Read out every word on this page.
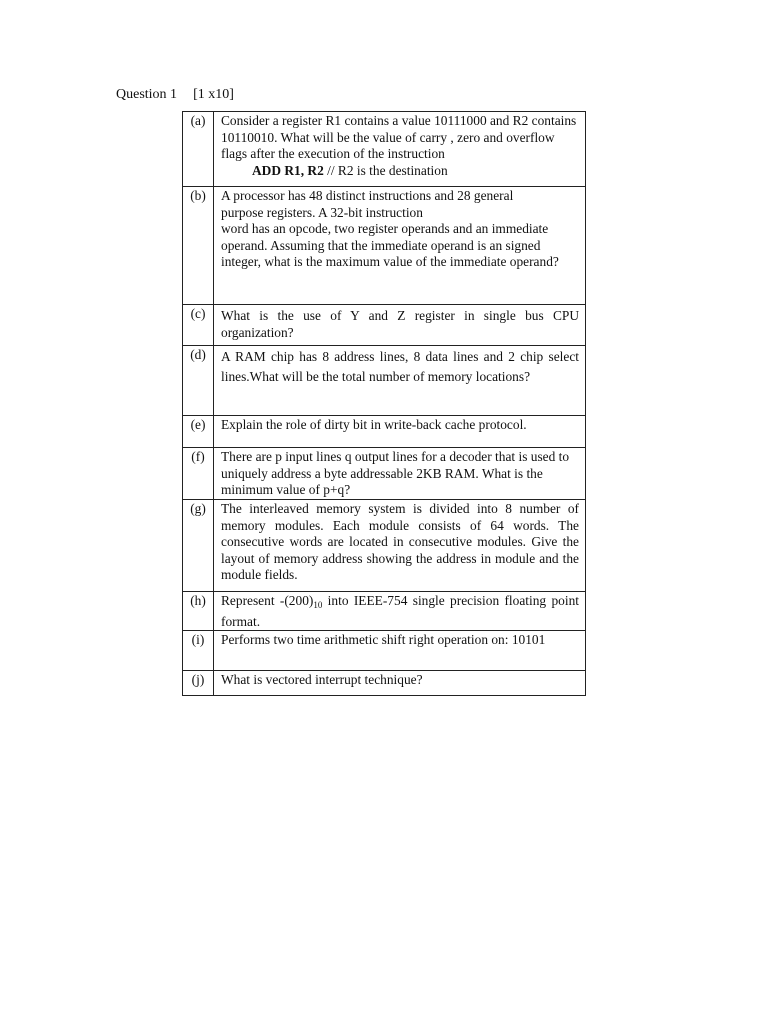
Question 1 [1 x10]
(a)	Consider a register R1 contains a value 10111000 and R2 contains 10110010. What will be the value of carry , zero and overflow flags after the execution of the instruction
ADD R1, R2 // R2 is the destination

(b)	A processor has 48 distinct instructions and 28 general purpose registers. A 32-bit instruction
word has an opcode, two register operands and an immediate operand. Assuming that the immediate operand is an signed integer, what is the maximum value of the immediate operand?

(c)	What is the use of Y and Z register in single bus CPU organization?
(d)	A RAM chip has 8 address lines, 8 data lines and 2 chip select lines.What will be the total number of memory locations?
(e)	Explain the role of dirty bit in write-back cache protocol.
(f)	There are p input lines q output lines for a decoder that is used to uniquely address a byte addressable 2KB RAM. What is the minimum value of p+q?
(g)	The interleaved memory system is divided into 8 number of memory modules. Each module consists of 64 words. The consecutive words are located in consecutive modules. Give the layout of memory address showing the address in module and the module fields.
(h)	Represent $-(200)_{10}$ into IEEE-754 single precision floating point format.
(i)	Performs two time arithmetic shift right operation on: 10101
(j)	What is vectored interrupt technique?
